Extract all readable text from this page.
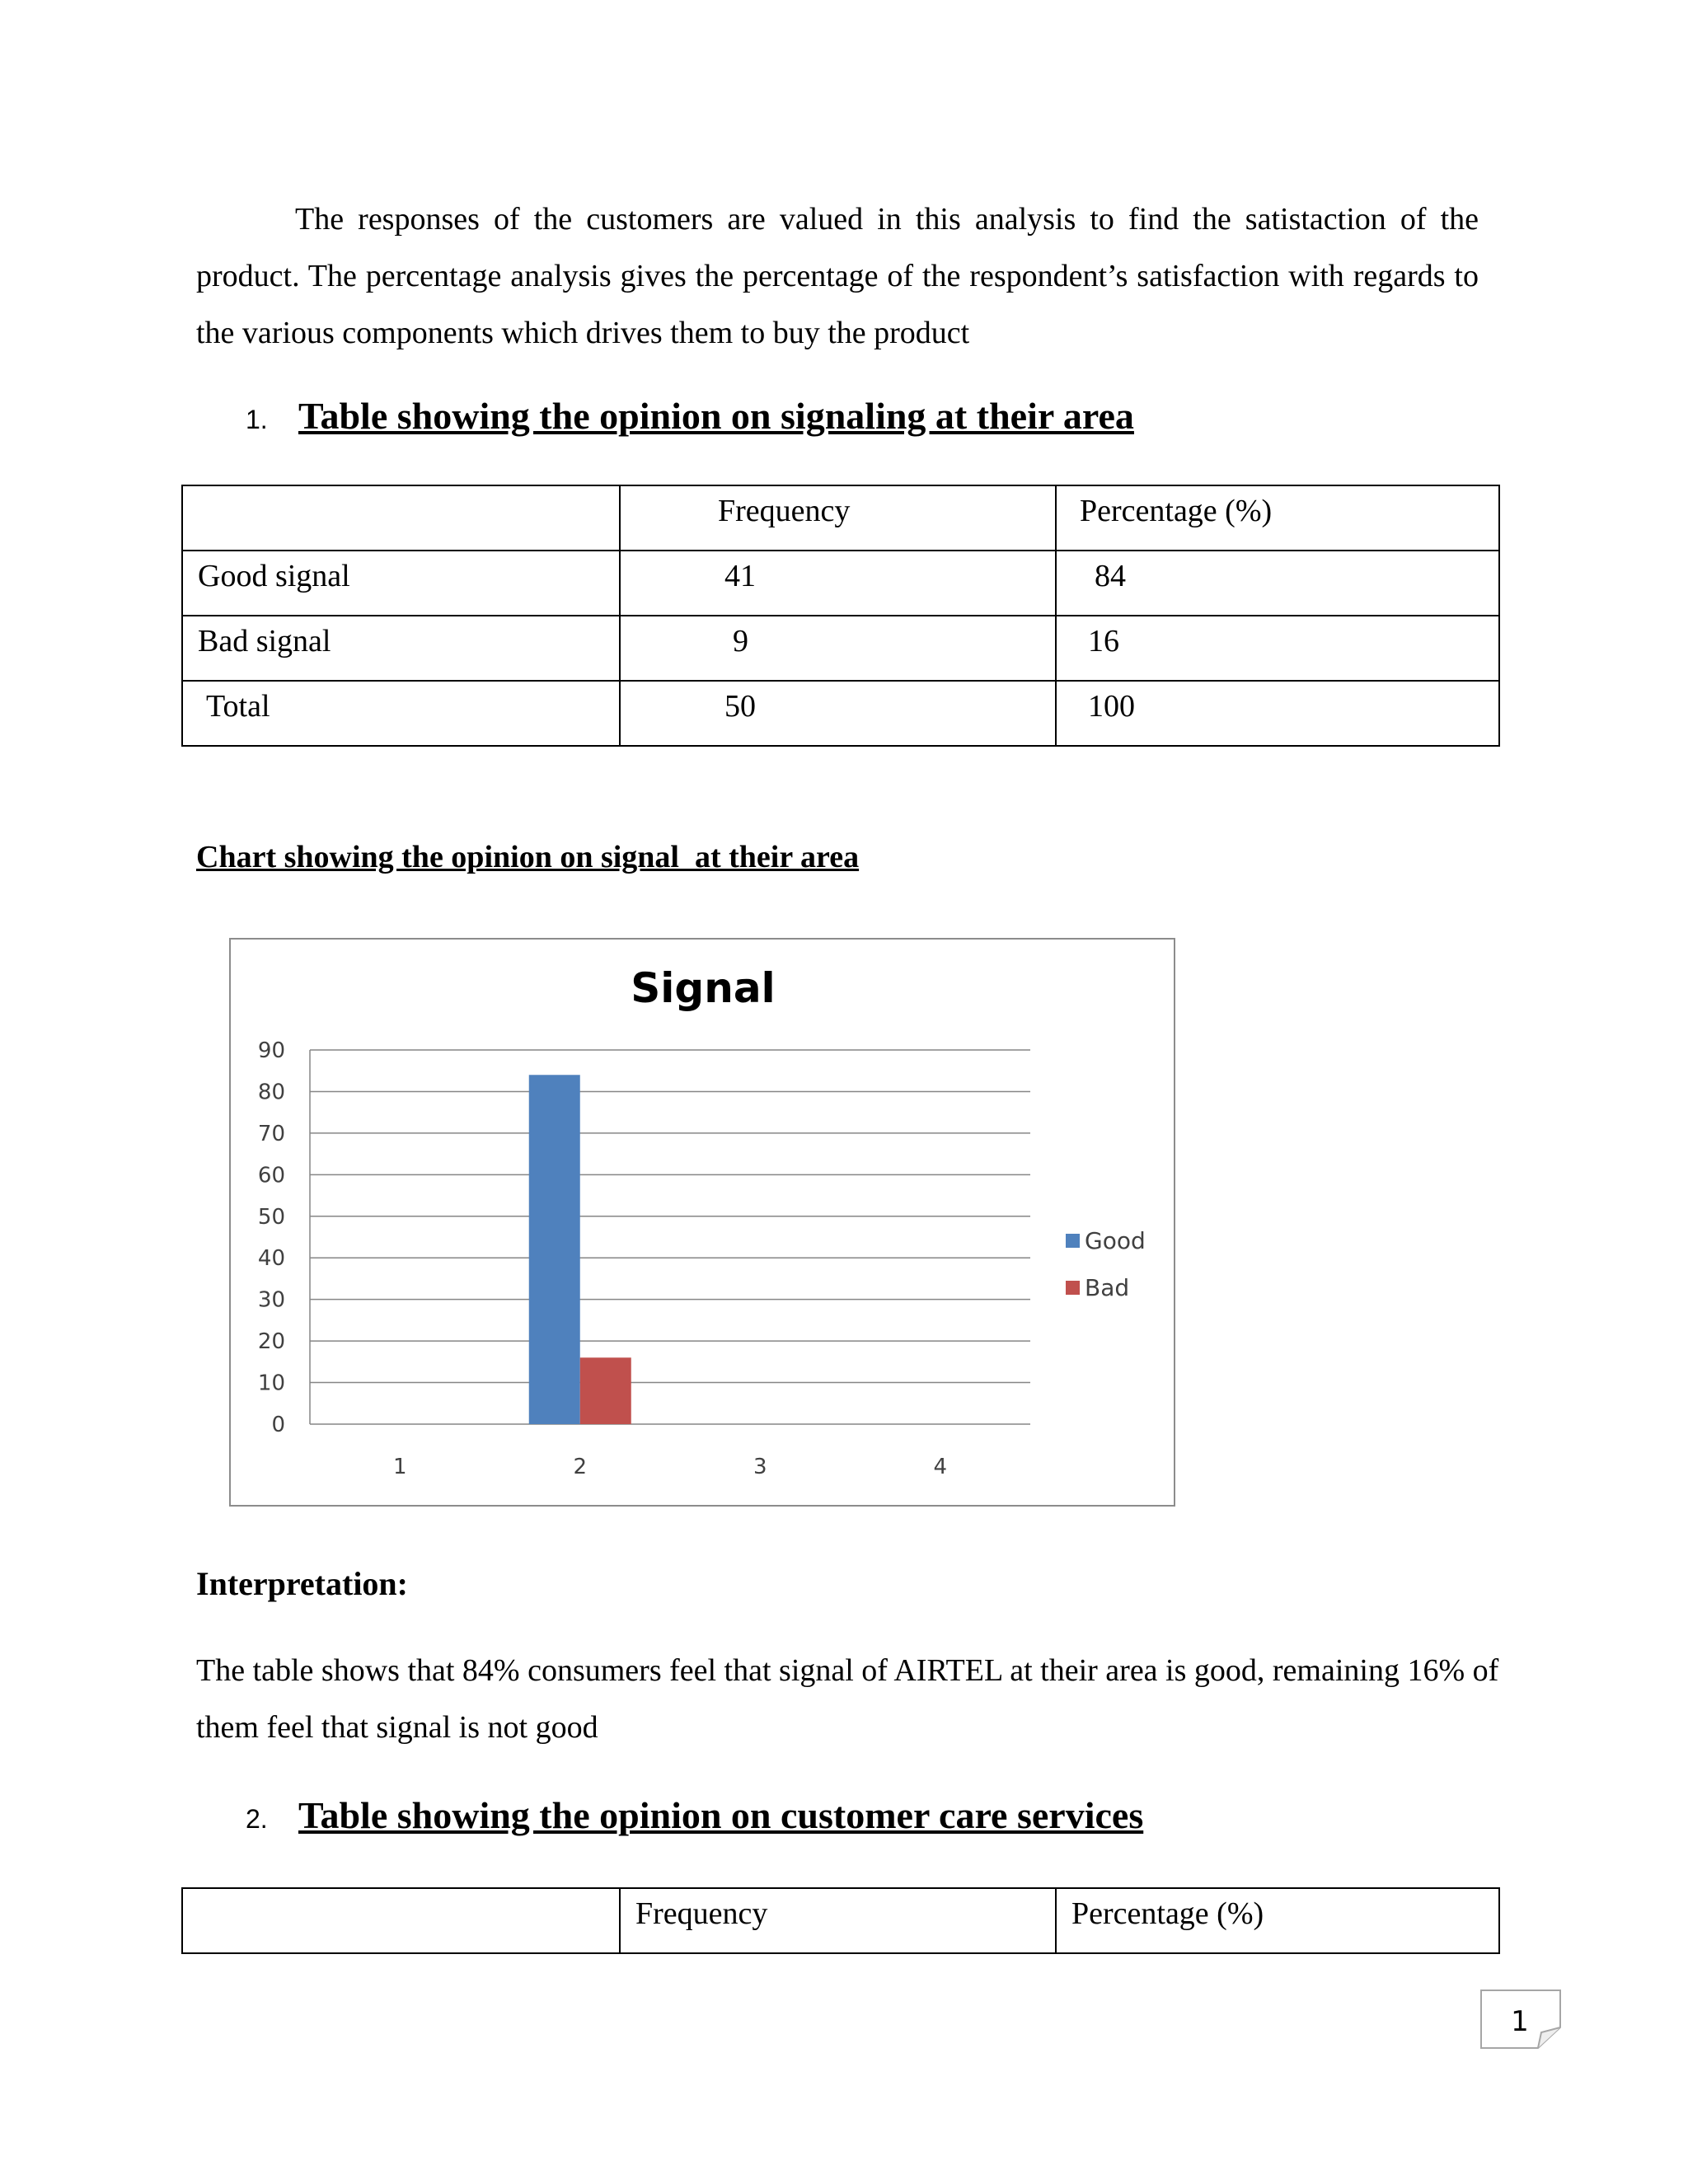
The responses of the customers are valued in this analysis to find the satistaction of the product. The percentage analysis gives the percentage of the respondent’s satisfaction with regards to the various components which drives them to buy the product

1. Table showing the opinion on signaling at their area
	Frequency	Percentage (%)
Good signal	41	84
Bad signal	9	16
Total	50	100

Chart showing the opinion on signal  at their area

Signal
0
10
20
30
40
50
60
70
80
90
1	2	3	4
Good
Bad

Interpretation:

The table shows that 84% consumers feel that signal of AIRTEL at their area is good, remaining 16% of them feel that signal is not good

2. Table showing the opinion on customer care services
	Frequency	Percentage (%)
1
